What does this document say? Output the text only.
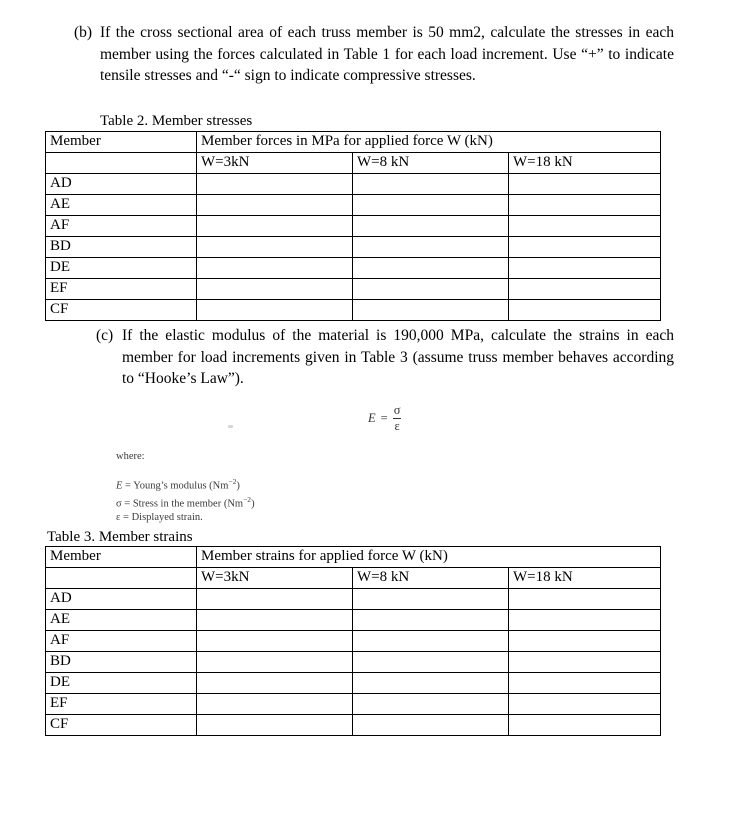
(b) If the cross sectional area of each truss member is 50 mm2, calculate the stresses in each member using the forces calculated in Table 1 for each load increment. Use “+” to indicate tensile stresses and “-“ sign to indicate compressive stresses.
Table 2. Member stresses
Member	Member forces in MPa for applied force W (kN)		
	W=3kN	W=8 kN	W=18 kN
AD			
AE			
AF			
BD			
DE			
EF			
CF			
(c) If the elastic modulus of the material is 190,000 MPa, calculate the strains in each member for load increments given in Table 3 (assume truss member behaves according to “Hooke’s Law”).
$E = \frac{\sigma}{\varepsilon}$
where:
E = Young’s modulus $(Nm^{-2})$
σ = Stress in the member $(Nm^{-2})$
ε = Displayed strain.
Table 3. Member strains
Member	Member strains for applied force W (kN)		
	W=3kN	W=8 kN	W=18 kN
AD			
AE			
AF			
BD			
DE			
EF			
CF			
